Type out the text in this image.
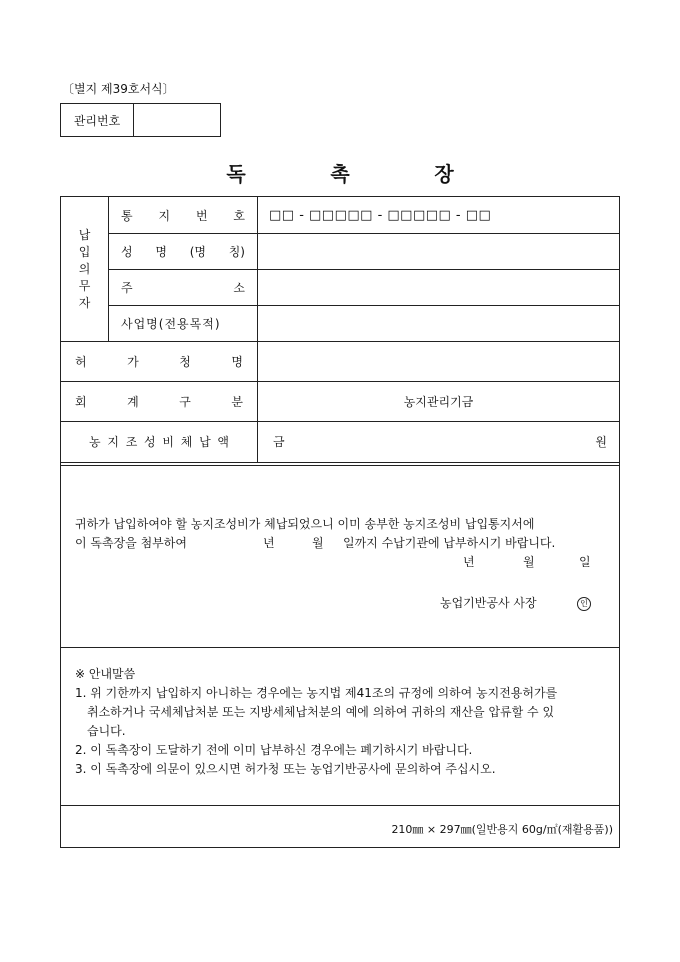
〔별지 제39호서식〕
관리번호
독	촉	장
납
입
의
무
자
통 지 번 호 □□ - □□□□□ - □□□□□ - □□
성 명 (명 칭)
주	소
사업명(전용목적)
허	가	청	명
회	계	구	분	농지관리기금
농 지 조 성 비 체 납 액	금	원
귀하가 납입하여야 할 농지조성비가 체납되었으니 이미 송부한 농지조성비 납입통지서에
이 독촉장을 첨부하여	년	월 일까지 수납기관에 납부하시기 바랍니다.
년	월	일
농업기반공사 사장	인
※ 안내말씀
1. 위 기한까지 납입하지 아니하는 경우에는 농지법 제41조의 규정에 의하여 농지전용허가를
취소하거나 국세체납처분 또는 지방세체납처분의 예에 의하여 귀하의 재산을 압류할 수 있
습니다.
2. 이 독촉장이 도달하기 전에 이미 납부하신 경우에는 폐기하시기 바랍니다.
3. 이 독촉장에 의문이 있으시면 허가청 또는 농업기반공사에 문의하여 주십시오.
210㎜ × 297㎜(일반용지 60g/㎡(재활용품))
